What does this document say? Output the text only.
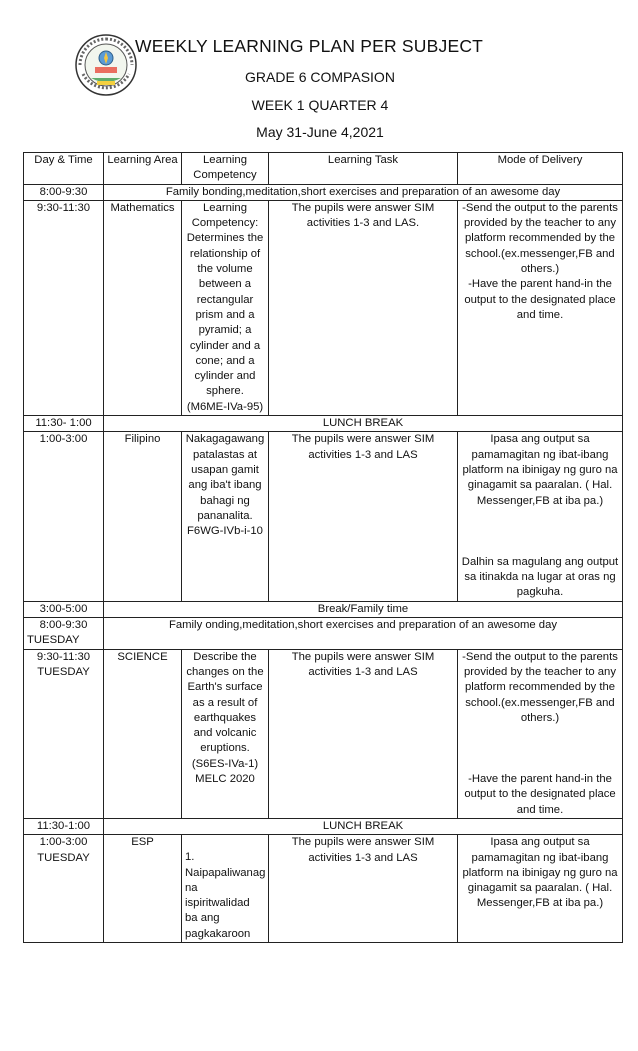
WEEKLY LEARNING PLAN PER SUBJECT
GRADE 6 COMPASION
WEEK 1 QUARTER 4
May 31-June 4,2021
Day & Time	Learning Area	Learning Competency	Learning Task	Mode of Delivery
8:00-9:30	Family bonding,meditation,short exercises and preparation of an awesome day			
9:30-11:30	Mathematics	Learning Competency: Determines the relationship of the volume between a rectangular prism and a pyramid; a cylinder and a cone; and a cylinder and sphere. (M6ME-IVa-95)	The pupils were answer SIM activities 1-3 and LAS.	-Send the output to the parents provided by the teacher to any platform recommended by the school.(ex.messenger,FB and others.)
-Have the parent hand-in the output to the designated place and time.
11:30- 1:00	LUNCH BREAK			
1:00-3:00	Filipino	Nakagagawang patalastas at usapan gamit ang iba't ibang bahagi ng pananalita. F6WG-IVb-i-10	The pupils were answer SIM activities 1-3 and LAS	Ipasa ang output sa pamamagitan ng ibat-ibang platform na ibinigay ng guro na ginagamit sa paaralan. ( Hal. Messenger,FB at iba pa.)
Dalhin sa magulang ang output sa itinakda na lugar at oras ng pagkuha.
3:00-5:00	Break/Family time			
8:00-9:30

TUESDAY	Family onding,meditation,short exercises and preparation of an awesome day			
9:30-11:30
TUESDAY	SCIENCE	Describe the changes on the Earth's surface as a result of earthquakes and volcanic eruptions. (S6ES-IVa-1) MELC 2020	The pupils were answer SIM activities 1-3 and LAS	-Send the output to the parents provided by the teacher to any platform recommended by the school.(ex.messenger,FB and others.)
-Have the parent hand-in the output to the designated place and time.
11:30-1:00	LUNCH BREAK			
1:00-3:00
TUESDAY	ESP	1. Naipapaliwanag na ispiritwalidad ba ang pagkakaroon	The pupils were answer SIM activities 1-3 and LAS	Ipasa ang output sa pamamagitan ng ibat-ibang platform na ibinigay ng guro na ginagamit sa paaralan. ( Hal. Messenger,FB at iba pa.)
